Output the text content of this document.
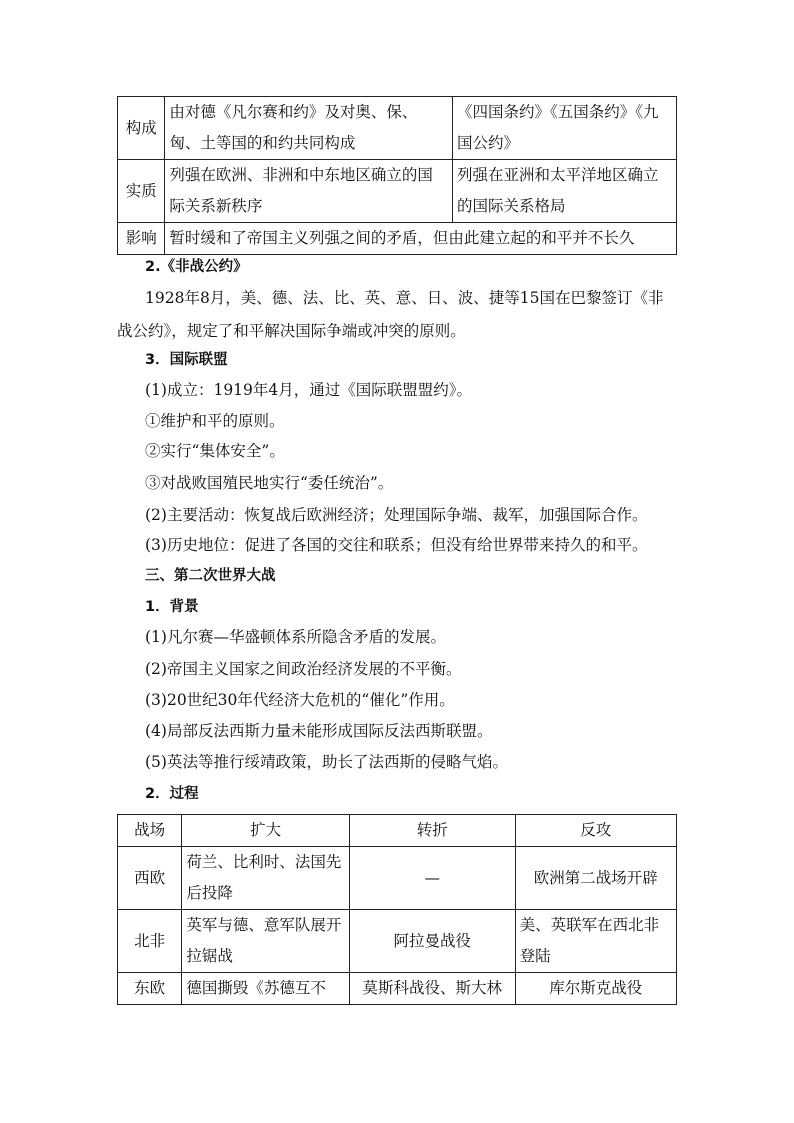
构成	由对德《凡尔赛和约》及对奥、保、匈、土等国的和约共同构成	《四国条约》《五国条约》《九国公约》
实质	列强在欧洲、非洲和中东地区确立的国际关系新秩序	列强在亚洲和太平洋地区确立的国际关系格局
影响	暂时缓和了帝国主义列强之间的矛盾，但由此建立起的和平并不长久	
2.《非战公约》
1928年8月，美、德、法、比、英、意、日、波、捷等15国在巴黎签订《非战公约》，规定了和平解决国际争端或冲突的原则。
3．国际联盟
(1)成立：1919年4月，通过《国际联盟盟约》。
①维护和平的原则。
②实行“集体安全”。
③对战败国殖民地实行“委任统治”。
(2)主要活动：恢复战后欧洲经济；处理国际争端、裁军，加强国际合作。
(3)历史地位：促进了各国的交往和联系；但没有给世界带来持久的和平。
三、第二次世界大战
1．背景
(1)凡尔赛—华盛顿体系所隐含矛盾的发展。
(2)帝国主义国家之间政治经济发展的不平衡。
(3)20世纪30年代经济大危机的“催化”作用。
(4)局部反法西斯力量未能形成国际反法西斯联盟。
(5)英法等推行绥靖政策，助长了法西斯的侵略气焰。
2．过程
战场	扩大	转折	反攻
西欧	荷兰、比利时、法国先后投降	—	欧洲第二战场开辟
北非	英军与德、意军队展开拉锯战	阿拉曼战役	美、英联军在西北非登陆
东欧	德国撕毁《苏德互不	莫斯科战役、斯大林	库尔斯克战役
